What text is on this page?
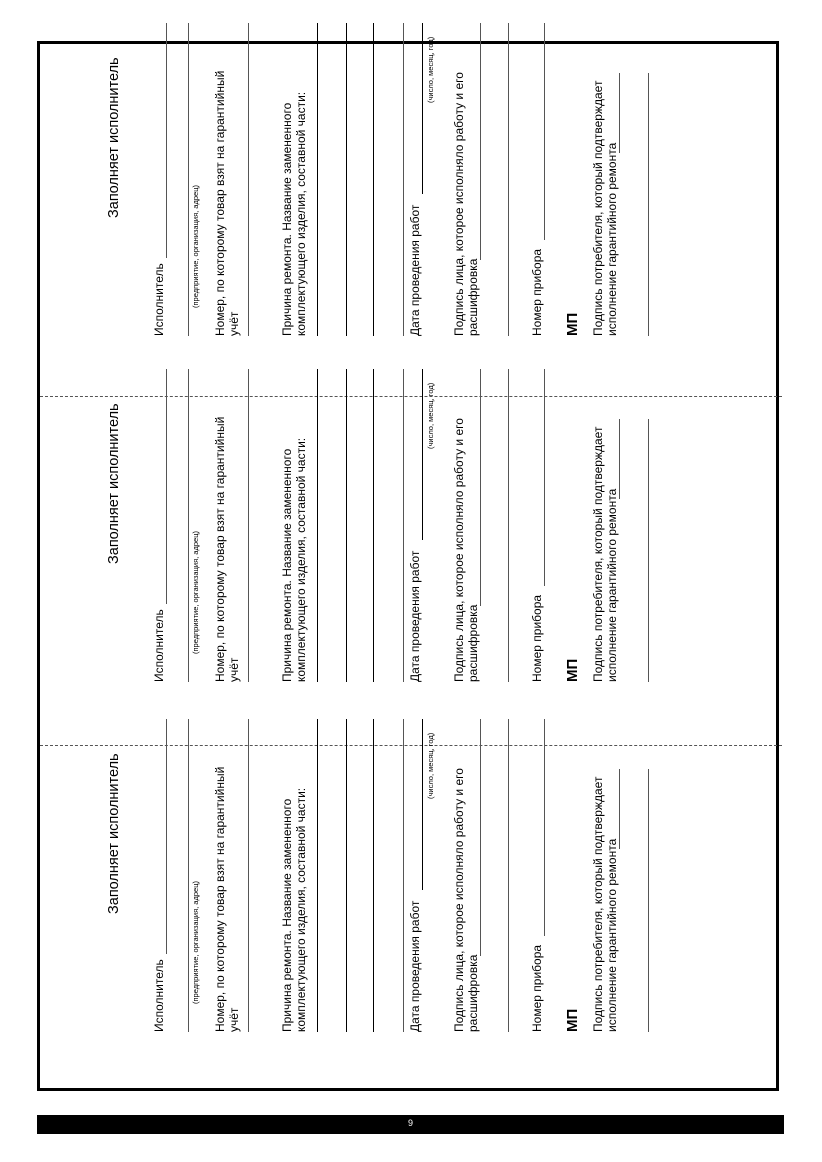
Заполняет исполнитель
Исполнитель	(предприятие, организация, адрец) Номер, по которому товар взят на гарантийный учёт	Причина ремонта. Название замененного комплектующего изделия, составной части:	Дата проведения работ
(число, месяц, год)
Подпись лица, которое исполняло работу и его расшифровка	Номер прибора МП Подпись потребителя, который подтверждает исполнение гарантийного ремонта
Заполняет исполнитель
Исполнитель	(предприятие, организация, адрец) Номер, по которому товар взят на гарантийный учёт	Причина ремонта. Название замененного комплектующего изделия, составной части:	Дата проведения работ
(число, месяц, год)
Подпись лица, которое исполняло работу и его расшифровка	Номер прибора МП Подпись потребителя, который подтверждает исполнение гарантийного ремонта
Заполняет исполнитель
Исполнитель	(предприятие, организация, адрец) Номер, по которому товар взят на гарантийный учёт	Причина ремонта. Название замененного комплектующего изделия, составной части:	Дата проведения работ
(число, месяц, год)
Подпись лица, которое исполняло работу и его расшифровка	Номер прибора МП Подпись потребителя, который подтверждает исполнение гарантийного ремонта
9
